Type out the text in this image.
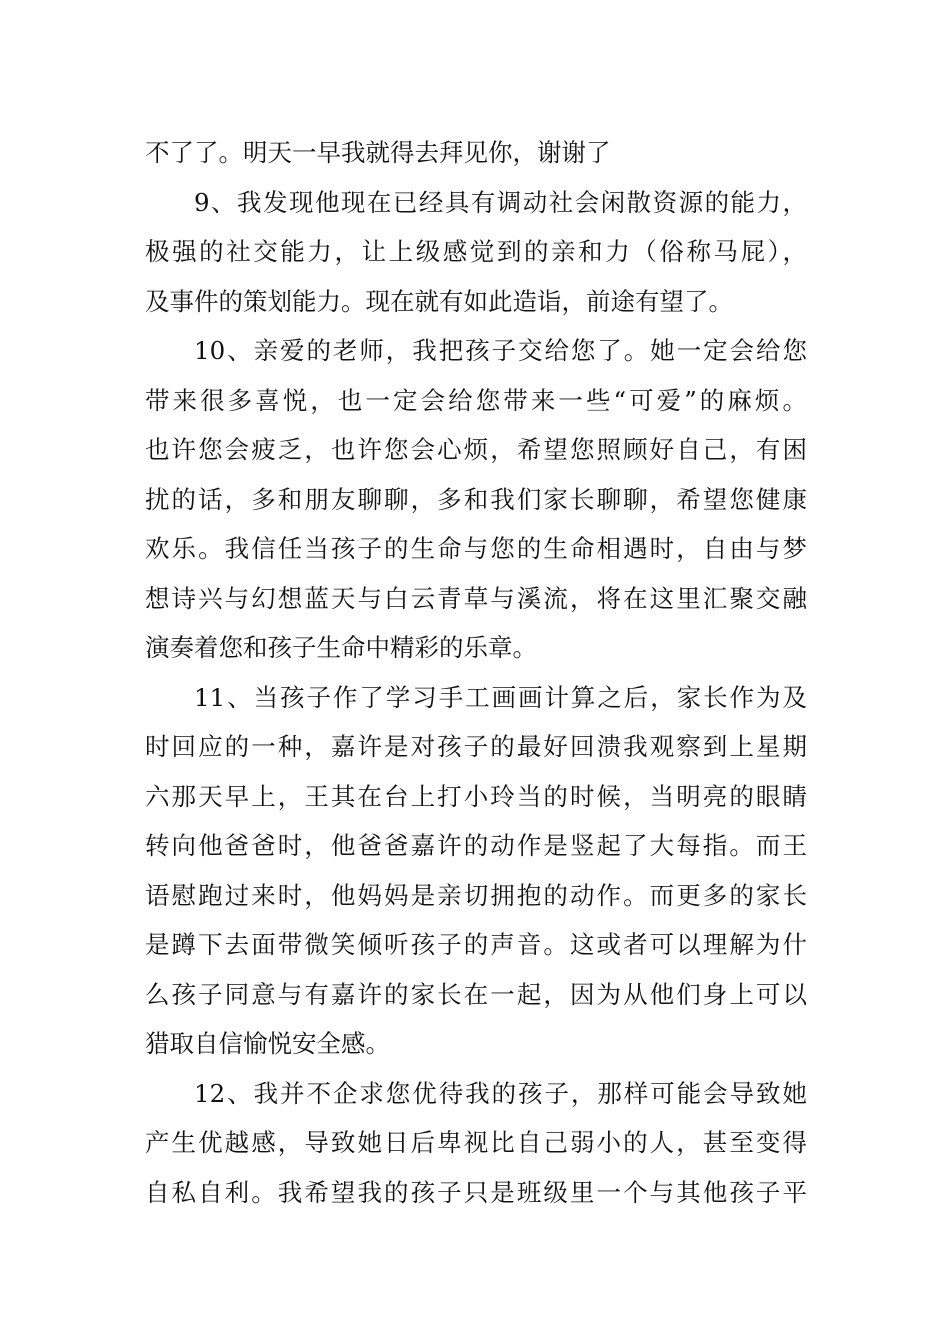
不了了。明天一早我就得去拜见你，谢谢了

9、我发现他现在已经具有调动社会闲散资源的能力，
极强的社交能力，让上级感觉到的亲和力（俗称马屁），
及事件的策划能力。现在就有如此造诣，前途有望了。

10、亲爱的老师，我把孩子交给您了。她一定会给您
带来很多喜悦，也一定会给您带来一些“可爱”的麻烦。
也许您会疲乏，也许您会心烦，希望您照顾好自己，有困
扰的话，多和朋友聊聊，多和我们家长聊聊，希望您健康
欢乐。我信任当孩子的生命与您的生命相遇时，自由与梦
想诗兴与幻想蓝天与白云青草与溪流，将在这里汇聚交融
演奏着您和孩子生命中精彩的乐章。

11、当孩子作了学习手工画画计算之后，家长作为及
时回应的一种，嘉许是对孩子的最好回溃我观察到上星期
六那天早上，王其在台上打小玲当的时候，当明亮的眼睛
转向他爸爸时，他爸爸嘉许的动作是竖起了大每指。而王
语慰跑过来时，他妈妈是亲切拥抱的动作。而更多的家长
是蹲下去面带微笑倾听孩子的声音。这或者可以理解为什
么孩子同意与有嘉许的家长在一起，因为从他们身上可以
猎取自信愉悦安全感。

12、我并不企求您优待我的孩子，那样可能会导致她
产生优越感，导致她日后卑视比自己弱小的人，甚至变得
自私自利。我希望我的孩子只是班级里一个与其他孩子平
